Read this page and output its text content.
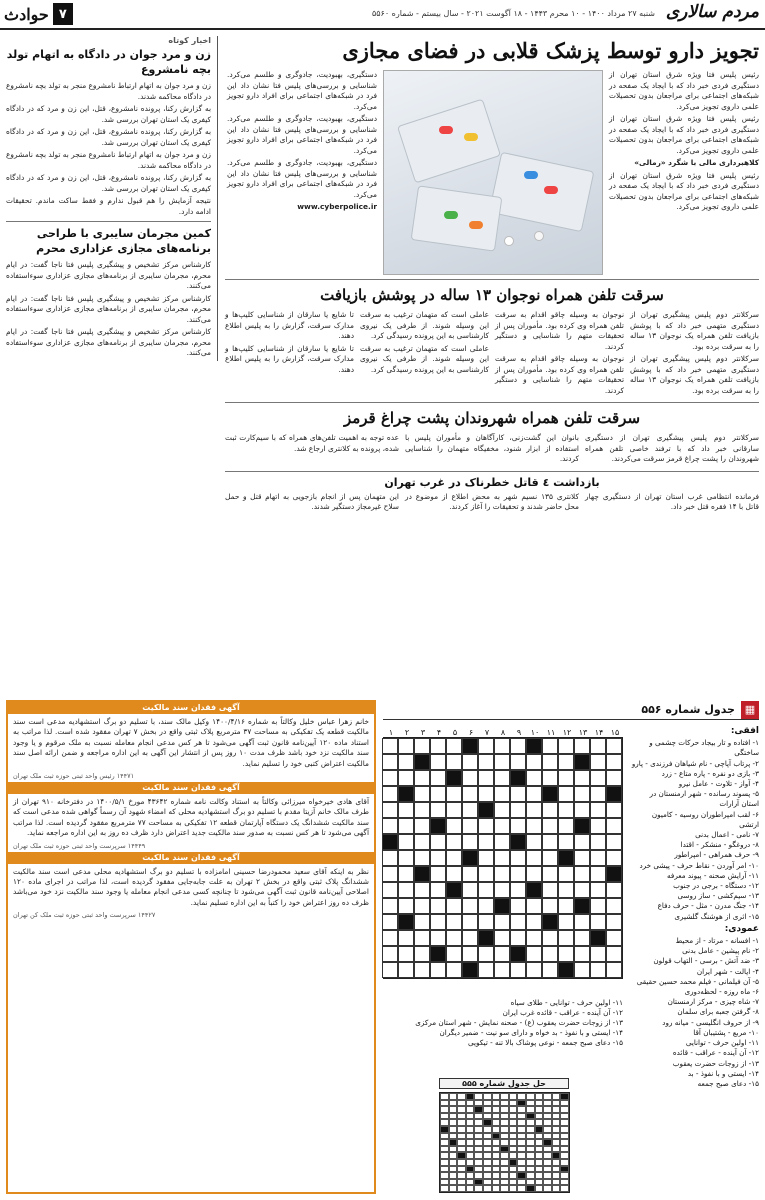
مردم سالاری
شنبه ۲۷ مرداد ۱۴۰۰ - ۱۰ محرم ۱۴۴۳ - ۱۸ آگوست ۲۰۲۱ - سال بیستم - شماره ۵۵۶۰
۷
حوادث
تجویز دارو توسط پزشک قلابی در فضای مجازی

رئیس پلیس فتا ویژه شرق استان تهران از دستگیری فردی خبر داد که با ایجاد یک صفحه در شبکه‌های اجتماعی برای مراجعان بدون تحصیلات علمی داروی تجویز می‌کرد.

رئیس پلیس فتا ویژه شرق استان تهران از دستگیری فردی خبر داد که با ایجاد یک صفحه در شبکه‌های اجتماعی برای مراجعان بدون تحصیلات علمی داروی تجویز می‌کرد.

کلاهبرداری مالی با شگرد «رمالی»

رئیس پلیس فتا ویژه شرق استان تهران از دستگیری فردی خبر داد که با ایجاد یک صفحه در شبکه‌های اجتماعی برای مراجعان بدون تحصیلات علمی داروی تجویز می‌کرد.

دستگیری، بهبودیت، جادوگری و طلسم می‌کرد. شناسایی و بررسی‌های پلیس فتا نشان داد این فرد در شبکه‌های اجتماعی برای افراد دارو تجویز می‌کرد.

دستگیری، بهبودیت، جادوگری و طلسم می‌کرد. شناسایی و بررسی‌های پلیس فتا نشان داد این فرد در شبکه‌های اجتماعی برای افراد دارو تجویز می‌کرد.

دستگیری، بهبودیت، جادوگری و طلسم می‌کرد. شناسایی و بررسی‌های پلیس فتا نشان داد این فرد در شبکه‌های اجتماعی برای افراد دارو تجویز می‌کرد.

www.cyberpolice.ir

سرقت تلفن همراه نوجوان ۱۳ ساله در پوشش بازیافت

سرکلانتر دوم پلیس پیشگیری تهران از دستگیری متهمی خبر داد که با پوشش بازیافت تلفن همراه یک نوجوان ۱۳ ساله را به سرقت برده بود.

سرکلانتر دوم پلیس پیشگیری تهران از دستگیری متهمی خبر داد که با پوشش بازیافت تلفن همراه یک نوجوان ۱۳ ساله را به سرقت برده بود.

نوجوان به وسیله چاقو اقدام به سرقت تلفن همراه وی کرده بود. مأموران پس از تحقیقات متهم را شناسایی و دستگیر کردند.

نوجوان به وسیله چاقو اقدام به سرقت تلفن همراه وی کرده بود. مأموران پس از تحقیقات متهم را شناسایی و دستگیر کردند.

عاملی است که متهمان ترغیب به سرقت این وسیله شوند. از طرفی یک نیروی کارشناسی به این پرونده رسیدگی کرد.

عاملی است که متهمان ترغیب به سرقت این وسیله شوند. از طرفی یک نیروی کارشناسی به این پرونده رسیدگی کرد.

تا شایع یا سارقان از شناسایی کلیپ‌ها و مدارک سرقت، گزارش را به پلیس اطلاع دهند.

تا شایع یا سارقان از شناسایی کلیپ‌ها و مدارک سرقت، گزارش را به پلیس اطلاع دهند.

سرقت تلفن همراه شهروندان پشت چراغ قرمز

سرکلانتر دوم پلیس پیشگیری تهران از دستگیری سارقانی خبر داد که با ترفند خاصی تلفن همراه شهروندان را پشت چراغ قرمز سرقت می‌کردند.

بانوان این گشت‌زنی، کارآگاهان و مأموران پلیس با استفاده از ابزار شنود، مخفیگاه متهمان را شناسایی کردند.

عده توجه به اهمیت تلفن‌های همراه که با سیم‌کارت ثبت شده، پرونده به کلانتری ارجاع شد.

بازداشت ٤ قاتل خطرناک در غرب تهران

فرمانده انتظامی غرب استان تهران از دستگیری چهار قاتل با ۱۴ فقره قتل خبر داد.

کلانتری ۱۳۵ نسیم شهر به محض اطلاع از موضوع در محل حاضر شدند و تحقیقات را آغاز کردند.

این متهمان پس از انجام بازجویی به اتهام قتل و حمل سلاح غیرمجاز دستگیر شدند.

اخبار کوتاه
زن و مرد جوان در دادگاه به اتهام تولد بچه نامشروع

زن و مرد جوان به اتهام ارتباط نامشروع منجر به تولد بچه نامشروع در دادگاه محاکمه شدند.

به گزارش رکنا، پرونده نامشروع، قتل، این زن و مرد که در دادگاه کیفری یک استان تهران بررسی شد.

به گزارش رکنا، پرونده نامشروع، قتل، این زن و مرد که در دادگاه کیفری یک استان تهران بررسی شد.

زن و مرد جوان به اتهام ارتباط نامشروع منجر به تولد بچه نامشروع در دادگاه محاکمه شدند.

به گزارش رکنا، پرونده نامشروع، قتل، این زن و مرد که در دادگاه کیفری یک استان تهران بررسی شد.

نتیجه آزمایش را هم قبول ندارم و فقط ساکت ماندم. تحقیقات ادامه دارد.

کمین مجرمان سایبری با طراحی برنامه‌های مجازی عزاداری محرم

کارشناس مرکز تشخیص و پیشگیری پلیس فتا ناجا گفت: در ایام محرم، مجرمان سایبری از برنامه‌های مجازی عزاداری سوءاستفاده می‌کنند.

کارشناس مرکز تشخیص و پیشگیری پلیس فتا ناجا گفت: در ایام محرم، مجرمان سایبری از برنامه‌های مجازی عزاداری سوءاستفاده می‌کنند.

کارشناس مرکز تشخیص و پیشگیری پلیس فتا ناجا گفت: در ایام محرم، مجرمان سایبری از برنامه‌های مجازی عزاداری سوءاستفاده می‌کنند.

آگهی فقدان سند مالکیت
خانم زهرا عباس خلیل وکالتاً به شماره ۱۴۰۰/۴/۱۶ وکیل مالک سند، با تسلیم دو برگ استشهادیه مدعی است سند مالکیت قطعه یک تفکیکی به مساحت ۳۷ مترمربع پلاک ثبتی واقع در بخش ۷ تهران مفقود شده است. لذا مراتب به استناد ماده ۱۲۰ آیین‌نامه قانون ثبت آگهی می‌شود تا هر کس مدعی انجام معامله نسبت به ملک مرقوم و یا وجود سند مالکیت نزد خود باشد ظرف مدت ۱۰ روز پس از انتشار این آگهی به این اداره مراجعه و ضمن ارائه اصل سند مالکیت اعتراض کتبی خود را تسلیم نماید.
۱۴۴۷۱ رئیس واحد ثبتی حوزه ثبت ملک تهران
آگهی فقدان سند مالکیت
آقای هادی خیرخواه میرزائی وکالتاً به استناد وکالت نامه شماره ۴۳۶۴۲ مورخ ۱۴۰۰/۵/۱ در دفترخانه ۹۱۰ تهران از طرف مالک خانم آزیتا مقدم با تسلیم دو برگ استشهادیه محلی که امضاء شهود آن رسماً گواهی شده مدعی است که سند مالکیت ششدانگ یک دستگاه آپارتمان قطعه ۱۲ تفکیکی به مساحت ۷۷ مترمربع مفقود گردیده است. لذا مراتب آگهی می‌شود تا هر کس نسبت به صدور سند مالکیت جدید اعتراض دارد ظرف ده روز به این اداره مراجعه نماید.
۱۴۴۴۹ سرپرست واحد ثبتی حوزه ثبت ملک تهران
آگهی فقدان سند مالکیت
نظر به اینکه آقای سعید محمودرضا حسینی امامزاده با تسلیم دو برگ استشهادیه محلی مدعی است سند مالکیت ششدانگ پلاک ثبتی واقع در بخش ۲ تهران به علت جابه‌جایی مفقود گردیده است، لذا مراتب در اجرای ماده ۱۲۰ اصلاحی آیین‌نامه قانون ثبت آگهی می‌شود تا چنانچه کسی مدعی انجام معامله یا وجود سند مالکیت نزد خود می‌باشد ظرف ده روز اعتراض خود را کتباً به این اداره تسلیم نماید.
۱۴۴۲۷ سرپرست واحد ثبتی حوزه ثبت ملک کن تهران
▦
جدول شماره ۵۵۶
۱۵
۱۴
۱۳
۱۲
۱۱
۱۰
۹
۸
۷
۶
۵
۴
۳
۲
۱	افقی:
۱- افتاده و تار بیجاد حرکات چشمی و ساختگی
۲- پرتاب آپاچی - نام شیاهان فرزندی - پارو
۳- بازی دو نفره - پاره متاع - زرد
۴- آواز - تلاوت - عامل نیرو
۵- پسوند رسانده - شهر ارمنستان در استان آرارات
۶- لقب امپراطوران روسیه - کامیون ارتشی
۷- نامی - اعمال بدنی
۸- دروغگو - منشکر - اقتدا
۹- حرف همراهی - امپراطور
۱۰- امر آوردن - نقاط حرف - پیشی خرد
۱۱- آرایش صحنه - پیوند معرفه
۱۲- دستگاه - برجی در جنوب
۱۳- سیم‌کشی - ساز روسی
۱۴- جنگ مدرن - مثل - حرف دفاع
۱۵- اثری از هوشنگ گلشیری
عمودی:
۱- افسانه - مرتاد - از محیط
۲- نام پیشین - عامل بدنی
۳- ضد آتش - برسی - التهاب قولون
۴- ایالت - شهر ایران
۵- آن فیلمانی - فیلم محمد حسین حقیقی
۶- ماه روزه - لحظه‌دوری
۷- شاه چیزی - مرکز ارمنستان
۸- گرفتن جعبه برای سلمان
۹- از حروف انگلیسی - میانه رود
۱۰- مربع - پشتیبان آقا
۱۱- اولین حرف - توانایی
۱۲- آن آینده - عراقب - قائده
۱۳- از زوجات حضرت یعقوب
۱۴- ایستی و با نفوذ - بد
۱۵- دعای صبح جمعه
۱۱- اولین حرف - توانایی - طلای سیاه
۱۲- آن آینده - عراقب - قائده غرب ایران
۱۳- از زوجات حضرت یعقوب (ع) - صحنه نمایش - شهر استان مرکزی
۱۴- ایستی و با نفوذ - بد خواه و دارای سو نیت - ضمیر دیگران
۱۵- دعای صبح جمعه - نوعی پوشاک بالا تنه - تیکویی
حل جدول شماره ۵۵۵
